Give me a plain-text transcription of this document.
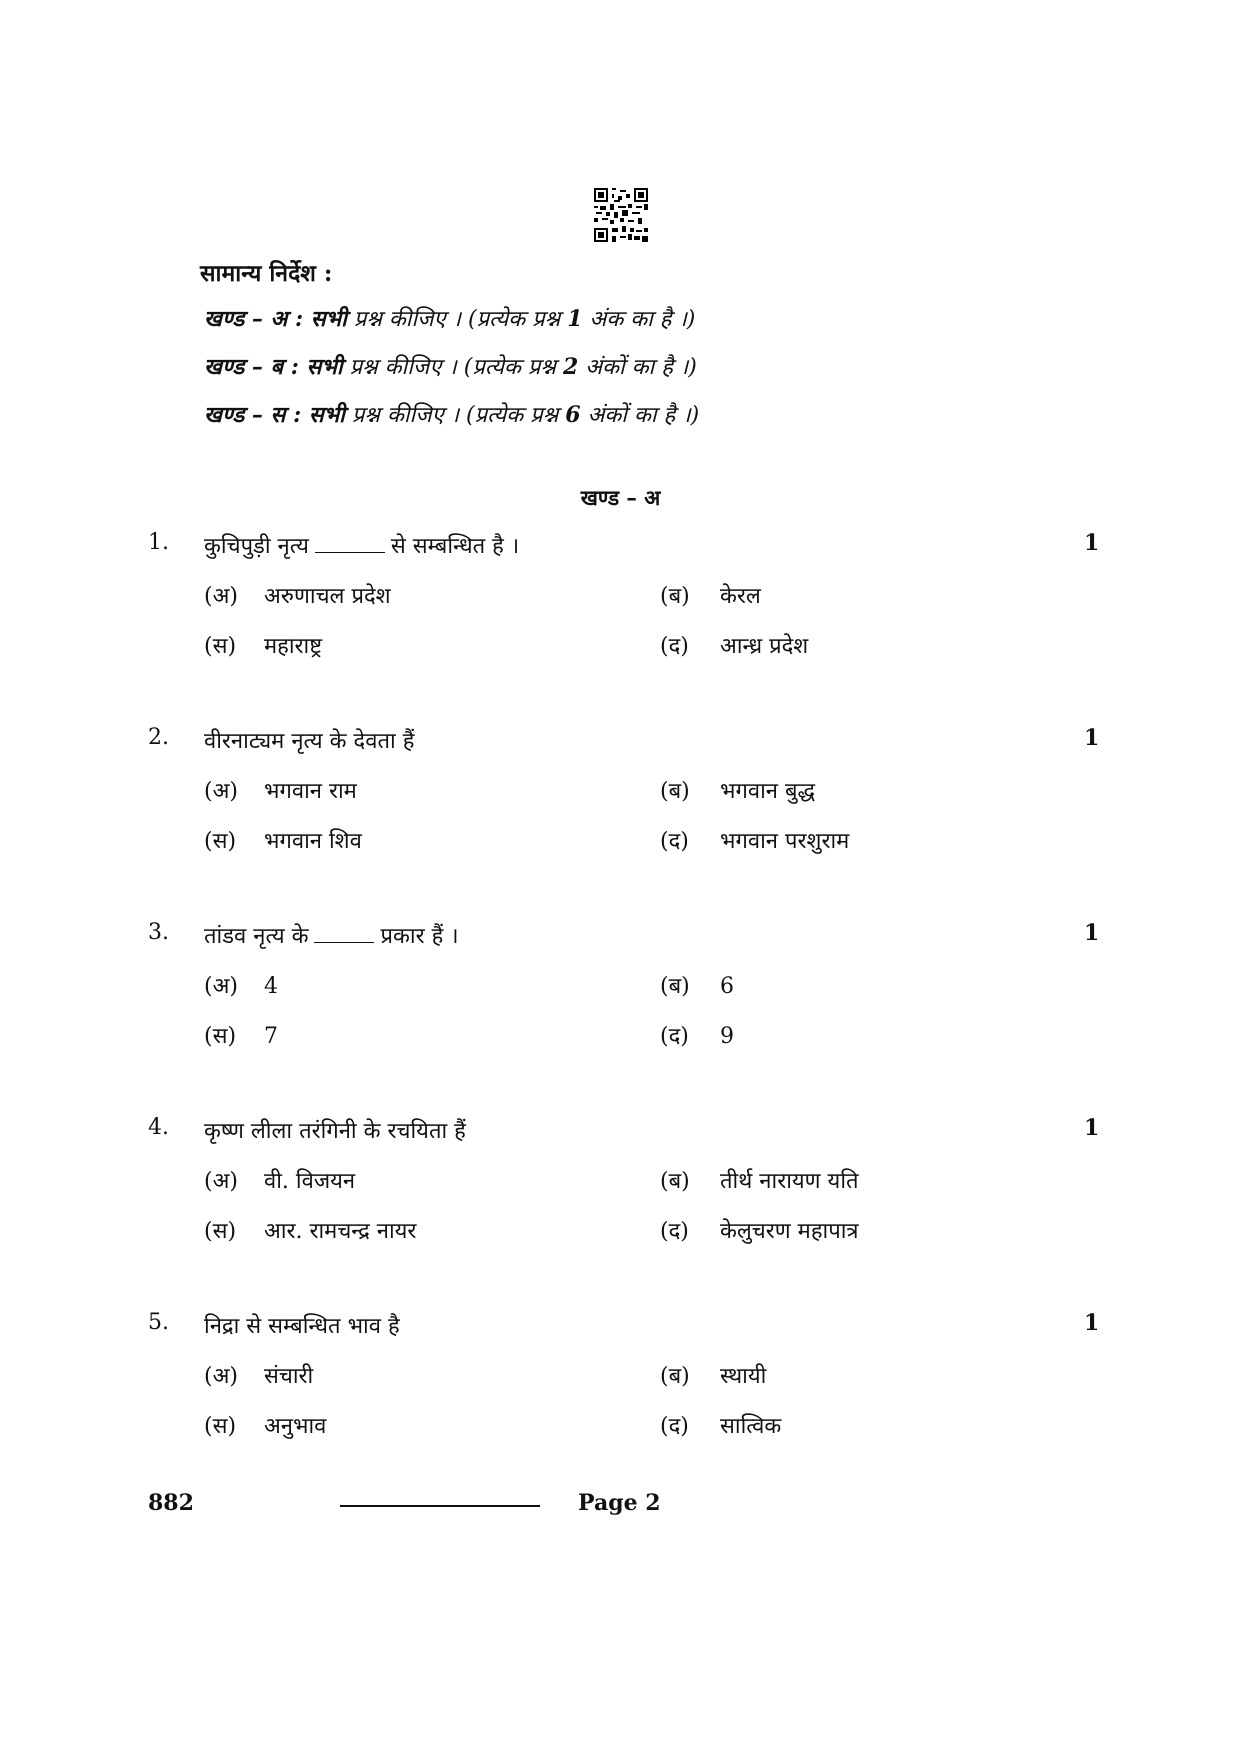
सामान्य निर्देश :
खण्ड – अ : सभी प्रश्न कीजिए । (प्रत्येक प्रश्न 1 अंक का है ।)
खण्ड – ब : सभी प्रश्न कीजिए । (प्रत्येक प्रश्न 2 अंकों का है ।)
खण्ड – स : सभी प्रश्न कीजिए । (प्रत्येक प्रश्न 6 अंकों का है ।)
खण्ड – अ
1. कुचिपुड़ी नृत्य	से सम्बन्धित है ।	1
(अ) अरुणाचल प्रदेश	(ब) केरल
(स) महाराष्ट्र	(द) आन्ध्र प्रदेश
2. वीरनाट्यम नृत्य के देवता हैं	1
(अ) भगवान राम	(ब) भगवान बुद्ध
(स) भगवान शिव	(द) भगवान परशुराम
3. तांडव नृत्य के	प्रकार हैं ।	1
(अ) 4	(ब) 6
(स) 7	(द) 9
4. कृष्ण लीला तरंगिनी के रचयिता हैं	1
(अ) वी. विजयन	(ब) तीर्थ नारायण यति
(स) आर. रामचन्द्र नायर	(द) केलुचरण महापात्र
5. निद्रा से सम्बन्धित भाव है	1
(अ) संचारी	(ब) स्थायी
(स) अनुभाव	(द) सात्विक
882	Page 2
